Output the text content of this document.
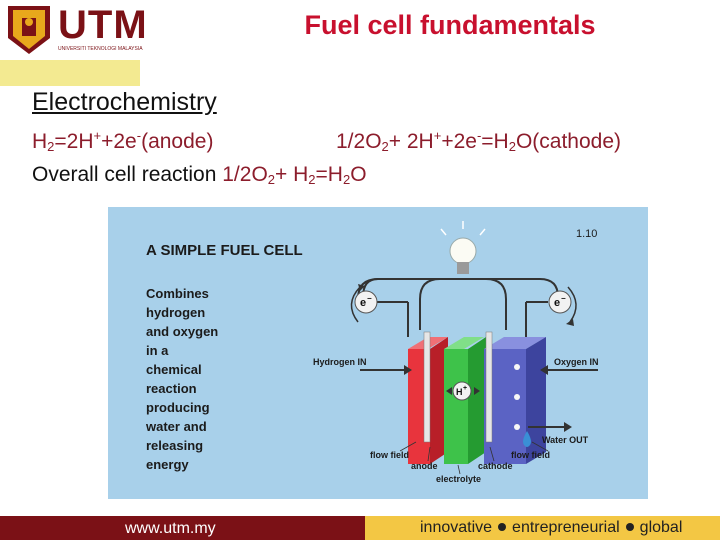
UTM
UNIVERSITI TEKNOLOGI MALAYSIA
Fuel cell fundamentals
Electrochemistry
$H_2=2H^++2e^-(anode)$	$1/2O_2+$ $2H^++2e^-=H_2O(cathode)$
Overall cell reaction $1/2O_2+ H_2=H_2O$
A SIMPLE FUEL CELL
1.10
Combines
hydrogen
and oxygen
in a
chemical
reaction
producing
water and
releasing
energy
e −	e −
H +
Hydrogen IN	Oxygen IN
Water OUT
flow field	flow field
anode	cathode
electrolyte
www.utm.my	innovative entrepreneurial global
